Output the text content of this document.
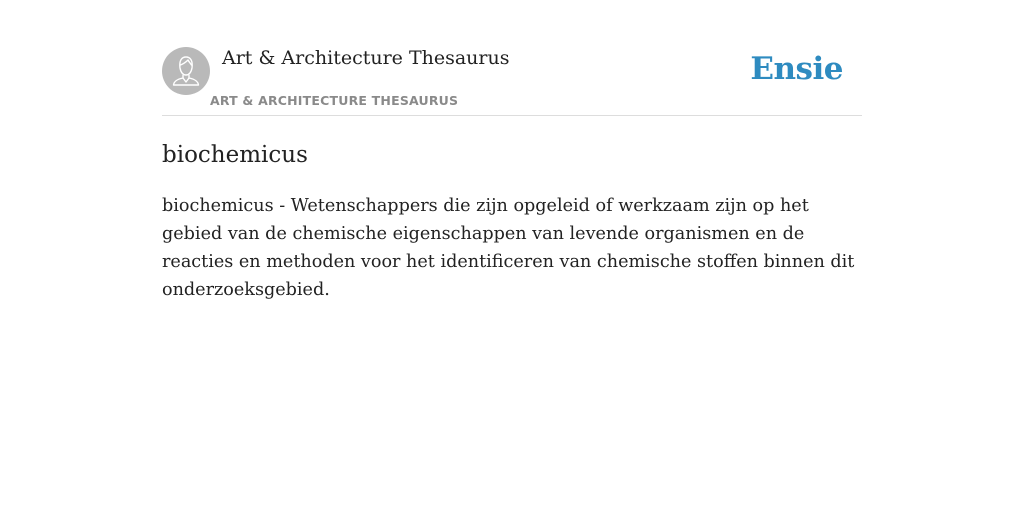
Art & Architecture Thesaurus
ART & ARCHITECTURE THESAURUS
Ensie
biochemicus

biochemicus - Wetenschappers die zijn opgeleid of werkzaam zijn op het gebied van de chemische eigenschappen van levende organismen en de reacties en methoden voor het identificeren van chemische stoffen binnen dit onderzoeksgebied.
